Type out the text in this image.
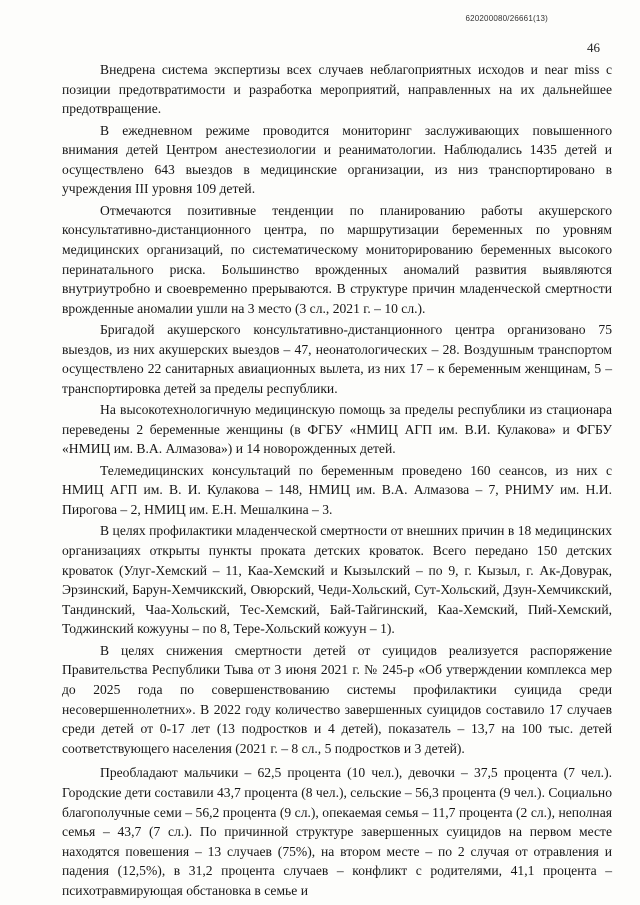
620200080/26661(13)
46

Внедрена система экспертизы всех случаев неблагоприятных исходов и near miss с позиции предотвратимости и разработка мероприятий, направленных на их дальнейшее предотвращение.

В ежедневном режиме проводится мониторинг заслуживающих повышенного внимания детей Центром анестезиологии и реаниматологии. Наблюдались 1435 детей и осуществлено 643 выездов в медицинские организации, из низ транспортировано в учреждения III уровня 109 детей.

Отмечаются позитивные тенденции по планированию работы акушерского консультативно-дистанционного центра, по маршрутизации беременных по уровням медицинских организаций, по систематическому мониторированию беременных высокого перинатального риска. Большинство врожденных аномалий развития выявляются внутриутробно и своевременно прерываются. В структуре причин младенческой смертности врожденные аномалии ушли на 3 место (3 сл., 2021 г. – 10 сл.).

Бригадой акушерского консультативно-дистанционного центра организовано 75 выездов, из них акушерских выездов – 47, неонатологических – 28. Воздушным транспортом осуществлено 22 санитарных авиационных вылета, из них 17 – к беременным женщинам, 5 – транспортировка детей за пределы республики.

На высокотехнологичную медицинскую помощь за пределы республики из стационара переведены 2 беременные женщины (в ФГБУ «НМИЦ АГП им. В.И. Кулакова» и ФГБУ «НМИЦ им. В.А. Алмазова») и 14 новорожденных детей.

Телемедицинских консультаций по беременным проведено 160 сеансов, из них с НМИЦ АГП им. В. И. Кулакова – 148, НМИЦ им. В.А. Алмазова – 7, РНИМУ им. Н.И. Пирогова – 2, НМИЦ им. Е.Н. Мешалкина – 3.

В целях профилактики младенческой смертности от внешних причин в 18 медицинских организациях открыты пункты проката детских кроваток. Всего передано 150 детских кроваток (Улуг-Хемский – 11, Каа-Хемский и Кызылский – по 9, г. Кызыл, г. Ак-Довурак, Эрзинский, Барун-Хемчикский, Овюрский, Чеди-Хольский, Сут-Хольский, Дзун-Хемчикский, Тандинский, Чаа-Хольский, Тес-Хемский, Бай-Тайгинский, Каа-Хемский, Пий-Хемский, Тоджинский кожууны – по 8, Тере-Хольский кожуун – 1).

В целях снижения смертности детей от суицидов реализуется распоряжение Правительства Республики Тыва от 3 июня 2021 г. № 245-р «Об утверждении комплекса мер до 2025 года по совершенствованию системы профилактики суицида среди несовершеннолетних». В 2022 году количество завершенных суицидов составило 17 случаев среди детей от 0-17 лет (13 подростков и 4 детей), показатель – 13,7 на 100 тыс. детей соответствующего населения (2021 г. – 8 сл., 5 подростков и 3 детей).

Преобладают мальчики – 62,5 процента (10 чел.), девочки – 37,5 процента (7 чел.). Городские дети составили 43,7 процента (8 чел.), сельские – 56,3 процента (9 чел.). Социально благополучные семи – 56,2 процента (9 сл.), опекаемая семья – 11,7 процента (2 сл.), неполная семья – 43,7 (7 сл.). По причинной структуре завершенных суицидов на первом месте находятся повешения – 13 случаев (75%), на втором месте – по 2 случая от отравления и падения (12,5%), в 31,2 процента случаев – конфликт с родителями, 41,1 процента – психотравмирующая обстановка в семье и
